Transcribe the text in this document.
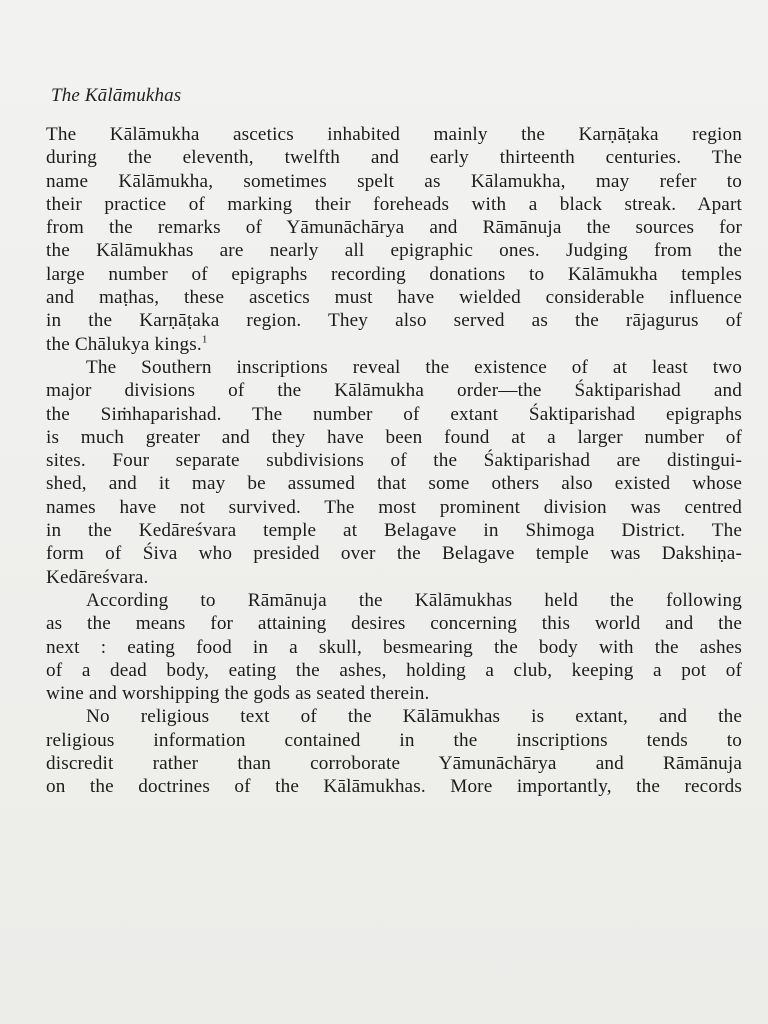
The Kālāmukhas

The Kālāmukha ascetics inhabited mainly the Karṇāṭaka region
during the eleventh, twelfth and early thirteenth centuries. The
name Kālāmukha, sometimes spelt as Kālamukha, may refer to
their practice of marking their foreheads with a black streak. Apart
from the remarks of Yāmunāchārya and Rāmānuja the sources for
the Kālāmukhas are nearly all epigraphic ones. Judging from the
large number of epigraphs recording donations to Kālāmukha temples
and maṭhas, these ascetics must have wielded considerable influence
in the Karṇāṭaka region. They also served as the rājagurus of
the Chālukya kings.$^1$

The Southern inscriptions reveal the existence of at least two
major divisions of the Kālāmukha order—the Śaktiparishad and
the Siṁhaparishad. The number of extant Śaktiparishad epigraphs
is much greater and they have been found at a larger number of
sites. Four separate subdivisions of the Śaktiparishad are distingui-
shed, and it may be assumed that some others also existed whose
names have not survived. The most prominent division was centred
in the Kedāreśvara temple at Belagave in Shimoga District. The
form of Śiva who presided over the Belagave temple was Dakshiṇa-
Kedāreśvara.

According to Rāmānuja the Kālāmukhas held the following
as the means for attaining desires concerning this world and the
next : eating food in a skull, besmearing the body with the ashes
of a dead body, eating the ashes, holding a club, keeping a pot of
wine and worshipping the gods as seated therein.

No religious text of the Kālāmukhas is extant, and the
religious information contained in the inscriptions tends to
discredit rather than corroborate Yāmunāchārya and Rāmānuja
on the doctrines of the Kālāmukhas. More importantly, the records
